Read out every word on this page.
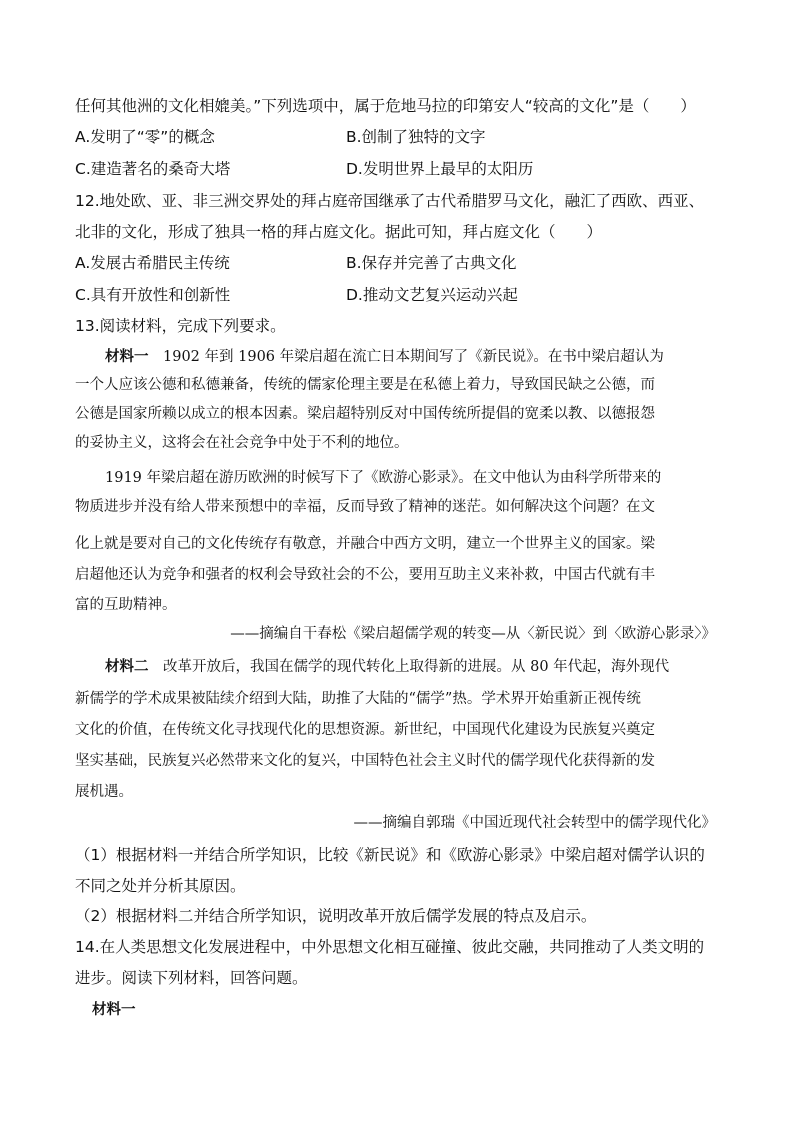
任何其他洲的文化相媲美。”下列选项中，属于危地马拉的印第安人“较高的文化”是（　　）
A.发明了“零”的概念	B.创制了独特的文字
C.建造著名的桑奇大塔	D.发明世界上最早的太阳历
12.地处欧、亚、非三洲交界处的拜占庭帝国继承了古代希腊罗马文化，融汇了西欧、西亚、
北非的文化，形成了独具一格的拜占庭文化。据此可知，拜占庭文化（　　）
A.发展古希腊民主传统	B.保存并完善了古典文化
C.具有开放性和创新性	D.推动文艺复兴运动兴起
13.阅读材料，完成下列要求。
材料一　1902 年到 1906 年梁启超在流亡日本期间写了《新民说》。在书中梁启超认为
一个人应该公德和私德兼备，传统的儒家伦理主要是在私德上着力，导致国民缺之公德，而
公德是国家所赖以成立的根本因素。梁启超特别反对中国传统所提倡的宽柔以教、以德报怨
的妥协主义，这将会在社会竞争中处于不利的地位。
1919 年梁启超在游历欧洲的时候写下了《欧游心影录》。在文中他认为由科学所带来的
物质进步并没有给人带来预想中的幸福，反而导致了精神的迷茫。如何解决这个问题？在文
化上就是要对自己的文化传统存有敬意，并融合中西方文明，建立一个世界主义的国家。梁
启超他还认为竞争和强者的权利会导致社会的不公，要用互助主义来补救，中国古代就有丰
富的互助精神。
——摘编自干春松《梁启超儒学观的转变—从〈新民说〉到〈欧游心影录〉》
材料二　改革开放后，我国在儒学的现代转化上取得新的进展。从 80 年代起，海外现代
新儒学的学术成果被陆续介绍到大陆，助推了大陆的“儒学”热。学术界开始重新正视传统
文化的价值，在传统文化寻找现代化的思想资源。新世纪，中国现代化建设为民族复兴奠定
坚实基础，民族复兴必然带来文化的复兴，中国特色社会主义时代的儒学现代化获得新的发
展机遇。
——摘编自郭瑞《中国近现代社会转型中的儒学现代化》
（1）根据材料一并结合所学知识，比较《新民说》和《欧游心影录》中梁启超对儒学认识的
不同之处并分析其原因。
（2）根据材料二并结合所学知识，说明改革开放后儒学发展的特点及启示。
14.在人类思想文化发展进程中，中外思想文化相互碰撞、彼此交融，共同推动了人类文明的
进步。阅读下列材料，回答问题。
材料一
